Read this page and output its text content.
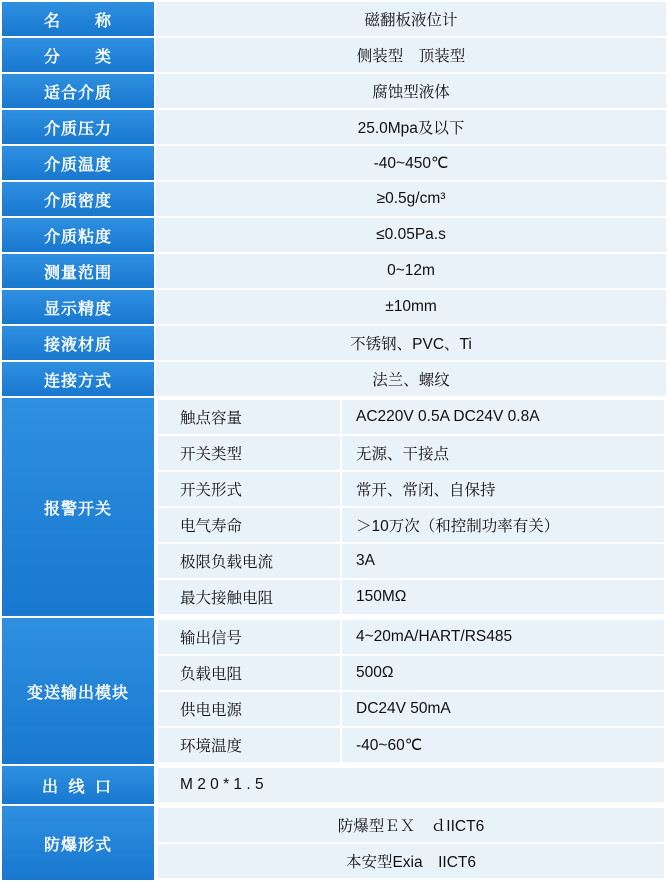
名　　称	磁翻板液位计
分　　类	侧装型　顶装型
适合介质	腐蚀型液体
介质压力	25.0Mpa及以下
介质温度	-40~450℃
介质密度	≥0.5g/cm³
介质粘度	≤0.05Pa.s
测量范围	0~12m
显示精度	±10mm
接液材质	不锈钢、PVC、Ti
连接方式	法兰、螺纹
报警开关	
触点容量	AC220V 0.5A DC24V 0.8A
开关类型	无源、干接点
开关形式	常开、常闭、自保持
电气寿命	＞10万次（和控制功率有关）
极限负载电流	3A
最大接触电阻	150MΩ

变送输出模块	
输出信号	4~20mA/HART/RS485
负载电阻	500Ω
供电电源	DC24V 50mA
环境温度	-40~60℃

出 线 口		M 2 0 * 1 . 5

防爆形式	
防爆型ＥＸ　ｄIICT6
本安型Exia　IICT6
